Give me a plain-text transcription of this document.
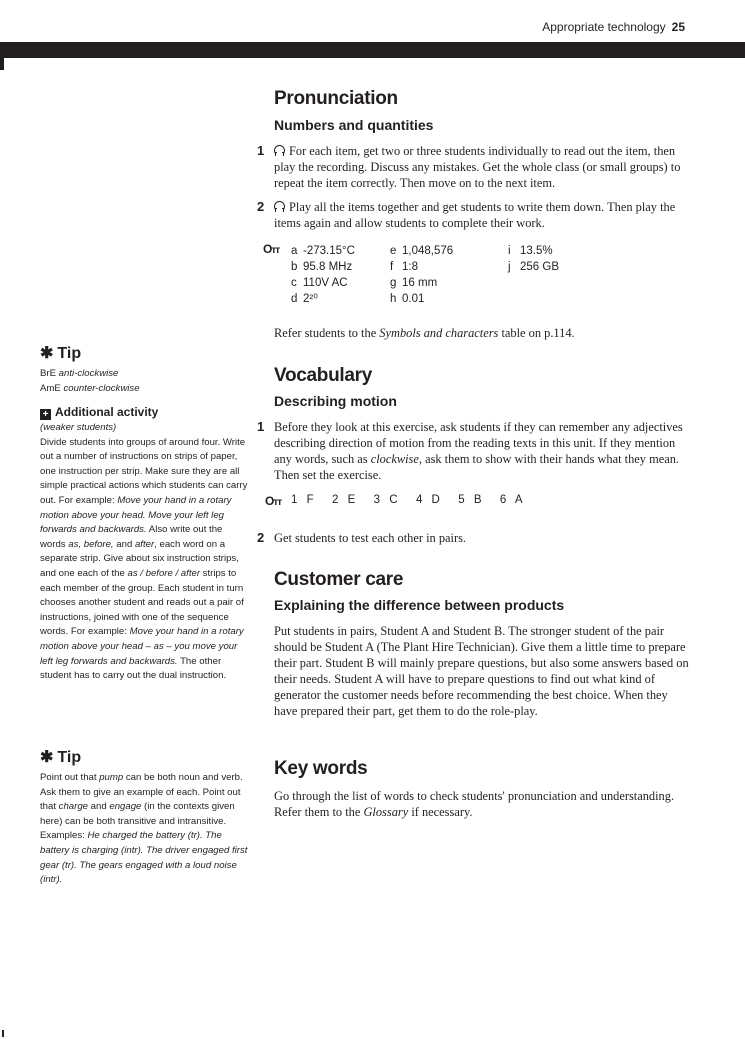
Appropriate technology 25
Pronunciation
Numbers and quantities
1	For each item, get two or three students individually to read out the item, then play the recording. Discuss any mistakes. Get the whole class (or small groups) to repeat the item correctly. Then move on to the next item.

2	Play all the items together and get students to write them down. Then play the items again and allow students to complete their work.

Oᴛᴛ a -273.15°C
b 95.8 MHz
c 110V AC
d 2²⁰
e 1,048,576
f 1:8
g 16 mm
h 0.01
i 13.5%
j 256 GB

Refer students to the Symbols and characters table on p.114.

Vocabulary
Describing motion
1 Before they look at this exercise, ask students if they can remember any adjectives describing direction of motion from the reading texts in this unit. If they mention any words, such as clockwise, ask them to show with their hands what they mean. Then set the exercise.

Oᴛᴛ 1 F  2 E  3 C  4 D  5 B  6 A
2 Get students to test each other in pairs.

Customer care
Explaining the difference between products

Put students in pairs, Student A and Student B. The stronger student of the pair should be Student A (The Plant Hire Technician). Give them a little time to prepare their part. Student B will mainly prepare questions, but also some answers based on their needs. Student A will have to prepare questions to find out what kind of generator the customer needs before recommending the best choice. When they have prepared their part, get them to do the role-play.

Key words

Go through the list of words to check students' pronunciation and understanding. Refer them to the Glossary if necessary.

✱ Tip
BrE anti-clockwise
AmE counter-clockwise
+ Additional activity
(weaker students)
Divide students into groups of around four. Write out a number of instructions on strips of paper, one instruction per strip. Make sure they are all simple practical actions which students can carry out. For example: Move your hand in a rotary motion above your head. Move your left leg forwards and backwards. Also write out the words as, before, and after, each word on a separate strip. Give about six instruction strips, and one each of the as / before / after strips to each member of the group. Each student in turn chooses another student and reads out a pair of instructions, joined with one of the sequence words. For example: Move your hand in a rotary motion above your head – as – you move your left leg forwards and backwards. The other student has to carry out the dual instruction.
✱ Tip
Point out that pump can be both noun and verb. Ask them to give an example of each. Point out that charge and engage (in the contexts given here) can be both transitive and intransitive. Examples: He charged the battery (tr). The battery is charging (intr). The driver engaged first gear (tr). The gears engaged with a loud noise (intr).
